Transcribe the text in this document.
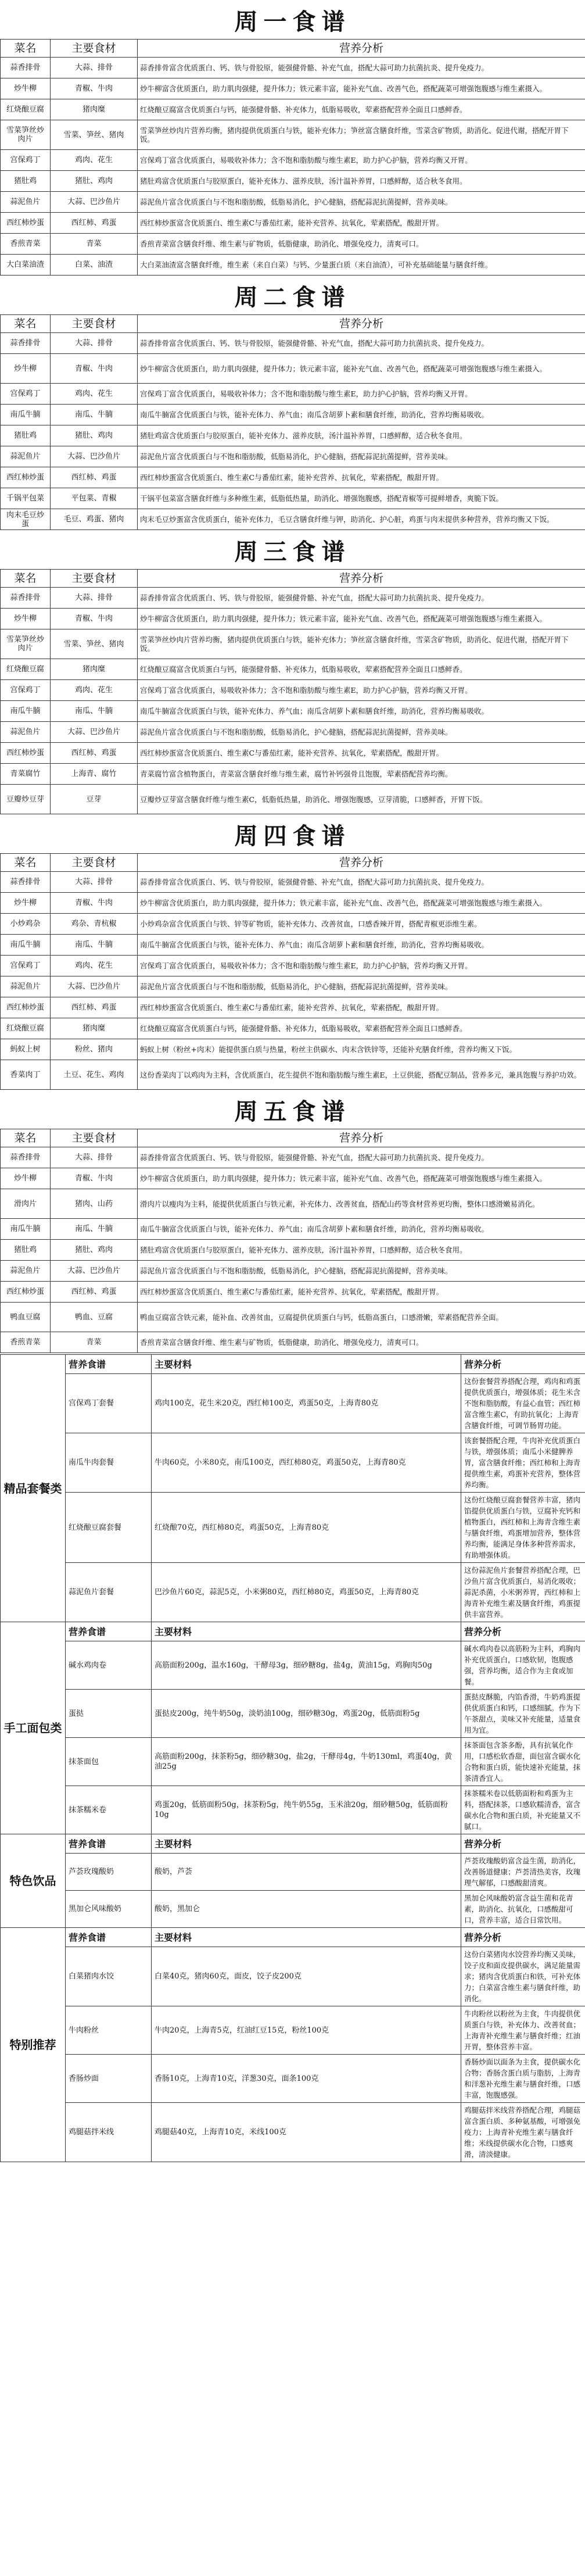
周一食谱
菜名	主要食材	营养分析
蒜香排骨	大蒜、排骨	蒜香排骨富含优质蛋白、钙、铁与骨胶原，能强健骨骼、补充气血，搭配大蒜可助力抗菌抗炎、提升免疫力。
炒牛柳	青椒、牛肉	炒牛柳富含优质蛋白，助力肌肉强健，提升体力；铁元素丰富，能补充气血、改善气色，搭配蔬菜可增强饱腹感与维生素摄入。
红烧酿豆腐	猪肉糜	红烧酿豆腐富含优质蛋白与钙，能强健骨骼、补充体力，低脂易吸收，荤素搭配营养全面且口感鲜香。
雪菜笋丝炒肉片	雪菜、笋丝、猪肉	雪菜笋丝炒肉片营养均衡，猪肉提供优质蛋白与铁，能补充体力；笋丝富含膳食纤维，雪菜含矿物质，助消化、促进代谢，搭配开胃下饭。
宫保鸡丁	鸡肉、花生	宫保鸡丁富含优质蛋白，易吸收补体力；含不饱和脂肪酸与维生素E，助力护心护脑，营养均衡又开胃。
猪肚鸡	猪肚、鸡肉	猪肚鸡富含优质蛋白与胶原蛋白，能补充体力、滋养皮肤，汤汁温补养胃，口感鲜醇，适合秋冬食用。
蒜泥鱼片	大蒜、巴沙鱼片	蒜泥鱼片富含优质蛋白与不饱和脂肪酸，低脂易消化，护心健脑，搭配蒜泥抗菌提鲜，营养美味。
西红柿炒蛋	西红柿、鸡蛋	西红柿炒蛋富含优质蛋白、维生素C与番茄红素，能补充营养、抗氧化，荤素搭配，酸甜开胃。
香煎青菜	青菜	香煎青菜富含膳食纤维、维生素与矿物质，低脂健康，助消化、增强免疫力，清爽可口。
大白菜油渣	白菜、油渣	大白菜油渣富含膳食纤维，维生素（来自白菜）与钙、少量蛋白质（来自油渣），可补充基础能量与膳食纤维。
周二食谱
菜名	主要食材	营养分析
蒜香排骨	大蒜、排骨	蒜香排骨富含优质蛋白、钙、铁与骨胶原，能强健骨骼、补充气血，搭配大蒜可助力抗菌抗炎、提升免疫力。
炒牛柳	青椒、牛肉	炒牛柳富含优质蛋白，助力肌肉强健，提升体力；铁元素丰富，能补充气血、改善气色，搭配蔬菜可增强饱腹感与维生素摄入。
宫保鸡丁	鸡肉、花生	宫保鸡丁富含优质蛋白，易吸收补体力；含不饱和脂肪酸与维生素E，助力护心护脑，营养均衡又开胃。
南瓜牛腩	南瓜、牛腩	南瓜牛腩富含优质蛋白与铁，能补充体力、养气血；南瓜含胡萝卜素和膳食纤维，助消化，营养均衡易吸收。
猪肚鸡	猪肚、鸡肉	猪肚鸡富含优质蛋白与胶原蛋白，能补充体力、滋养皮肤，汤汁温补养胃，口感鲜醇，适合秋冬食用。
蒜泥鱼片	大蒜、巴沙鱼片	蒜泥鱼片富含优质蛋白与不饱和脂肪酸，低脂易消化，护心健脑，搭配蒜泥抗菌提鲜，营养美味。
西红柿炒蛋	西红柿、鸡蛋	西红柿炒蛋富含优质蛋白、维生素C与番茄红素，能补充营养、抗氧化，荤素搭配，酸甜开胃。
千锅平包菜	平包菜、青椒	干锅平包菜富含膳食纤维与多种维生素，低脂低热量，助消化、增强饱腹感，搭配青椒等可提鲜增香，爽脆下饭。
肉末毛豆炒蛋	毛豆、鸡蛋、猪肉	肉末毛豆炒蛋富含优质蛋白，能补充体力，毛豆含膳食纤维与钾，助消化、护心脏，鸡蛋与肉末提供多种营养，营养均衡又下饭。
周三食谱
菜名	主要食材	营养分析
蒜香排骨	大蒜、排骨	蒜香排骨富含优质蛋白、钙、铁与骨胶原，能强健骨骼、补充气血，搭配大蒜可助力抗菌抗炎、提升免疫力。
炒牛柳	青椒、牛肉	炒牛柳富含优质蛋白，助力肌肉强健，提升体力；铁元素丰富，能补充气血、改善气色，搭配蔬菜可增强饱腹感与维生素摄入。
雪菜笋丝炒肉片	雪菜、笋丝、猪肉	雪菜笋丝炒肉片营养均衡，猪肉提供优质蛋白与铁，能补充体力；笋丝富含膳食纤维，雪菜含矿物质，助消化、促进代谢，搭配开胃下饭。
红烧酿豆腐	猪肉糜	红烧酿豆腐富含优质蛋白与钙，能强健骨骼、补充体力，低脂易吸收，荤素搭配营养全面且口感鲜香。
宫保鸡丁	鸡肉、花生	宫保鸡丁富含优质蛋白，易吸收补体力；含不饱和脂肪酸与维生素E，助力护心护脑，营养均衡又开胃。
南瓜牛腩	南瓜、牛腩	南瓜牛腩富含优质蛋白与铁，能补充体力、养气血；南瓜含胡萝卜素和膳食纤维，助消化，营养均衡易吸收。
蒜泥鱼片	大蒜、巴沙鱼片	蒜泥鱼片富含优质蛋白与不饱和脂肪酸，低脂易消化，护心健脑，搭配蒜泥抗菌提鲜，营养美味。
西红柿炒蛋	西红柿、鸡蛋	西红柿炒蛋富含优质蛋白、维生素C与番茄红素，能补充营养、抗氧化，荤素搭配，酸甜开胃。
青菜腐竹	上海青、腐竹	青菜腐竹富含植物蛋白，青菜富含膳食纤维与维生素，腐竹补钙强骨且饱腹，荤素搭配营养均衡。
豆瓣炒豆芽	豆芽	豆瓣炒豆芽富含膳食纤维与维生素C，低脂低热量，助消化、增强饱腹感，豆芽清脆，口感鲜香，开胃下饭。
周四食谱
菜名	主要食材	营养分析
蒜香排骨	大蒜、排骨	蒜香排骨富含优质蛋白、钙、铁与骨胶原，能强健骨骼、补充气血，搭配大蒜可助力抗菌抗炎、提升免疫力。
炒牛柳	青椒、牛肉	炒牛柳富含优质蛋白，助力肌肉强健，提升体力；铁元素丰富，能补充气血、改善气色，搭配蔬菜可增强饱腹感与维生素摄入。
小炒鸡杂	鸡杂、青杭椒	小炒鸡杂富含优质蛋白与铁、锌等矿物质，能补充体力、改善贫血，口感香辣开胃，搭配青椒更添维生素。
南瓜牛腩	南瓜、牛腩	南瓜牛腩富含优质蛋白与铁，能补充体力、养气血；南瓜含胡萝卜素和膳食纤维，助消化，营养均衡易吸收。
宫保鸡丁	鸡肉、花生	宫保鸡丁富含优质蛋白，易吸收补体力；含不饱和脂肪酸与维生素E，助力护心护脑，营养均衡又开胃。
蒜泥鱼片	大蒜、巴沙鱼片	蒜泥鱼片富含优质蛋白与不饱和脂肪酸，低脂易消化，护心健脑，搭配蒜泥抗菌提鲜，营养美味。
西红柿炒蛋	西红柿、鸡蛋	西红柿炒蛋富含优质蛋白、维生素C与番茄红素，能补充营养、抗氧化，荤素搭配，酸甜开胃。
红烧酿豆腐	猪肉糜	红烧酿豆腐富含优质蛋白与钙，能强健骨骼、补充体力，低脂易吸收，荤素搭配营养全面且口感鲜香。
蚂蚁上树	粉丝、猪肉	蚂蚁上树（粉丝+肉末）能提供蛋白质与热量，粉丝主供碳水、肉末含铁锌等，还能补充膳食纤维，营养均衡又下饭。
香菜肉丁	土豆、花生、鸡肉	这份香菜肉丁以鸡肉为主料，含优质蛋白，花生提供不饱和脂肪酸与维生素E，土豆供能，搭配豆制品，营养多元，兼具饱腹与养护功效。
周五食谱
菜名	主要食材	营养分析
蒜香排骨	大蒜、排骨	蒜香排骨富含优质蛋白、钙、铁与骨胶原，能强健骨骼、补充气血，搭配大蒜可助力抗菌抗炎、提升免疫力。
炒牛柳	青椒、牛肉	炒牛柳富含优质蛋白，助力肌肉强健，提升体力；铁元素丰富，能补充气血、改善气色，搭配蔬菜可增强饱腹感与维生素摄入。
滑肉片	猪肉、山药	滑肉片以瘦肉为主料，能提供优质蛋白与铁元素，补充体力、改善贫血，搭配山药等食材营养更均衡，整体口感滑嫩易消化。
南瓜牛腩	南瓜、牛腩	南瓜牛腩富含优质蛋白与铁，能补充体力、养气血；南瓜含胡萝卜素和膳食纤维，助消化，营养均衡易吸收。
猪肚鸡	猪肚、鸡肉	猪肚鸡富含优质蛋白与胶原蛋白，能补充体力、滋养皮肤，汤汁温补养胃，口感鲜醇，适合秋冬食用。
蒜泥鱼片	大蒜、巴沙鱼片	蒜泥鱼片富含优质蛋白与不饱和脂肪酸，低脂易消化，护心健脑，搭配蒜泥抗菌提鲜，营养美味。
西红柿炒蛋	西红柿、鸡蛋	西红柿炒蛋富含优质蛋白、维生素C与番茄红素，能补充营养、抗氧化，荤素搭配，酸甜开胃。
鸭血豆腐	鸭血、豆腐	鸭血豆腐富含铁元素，能补血、改善贫血，豆腐提供优质蛋白与钙，低脂高蛋白，口感滑嫩，荤素搭配营养全面。
香煎青菜	青菜	香煎青菜富含膳食纤维、维生素与矿物质，低脂健康，助消化、增强免疫力，清爽可口。
精品套餐类	营养食谱	主要材料	营养分析
	宫保鸡丁套餐	鸡肉100克，花生米20克，西红柿100克，鸡蛋50克，上海青80克	这份套餐营养搭配合理，鸡肉和鸡蛋提供优质蛋白，增强体质；花生米含不饱和脂肪酸，有益心血管；西红柿富含维生素C，有助抗氧化；上海青含膳食纤维，可调节肠胃功能。
	南瓜牛肉套餐	牛肉60克，小米80克，南瓜100克，西红柿80克，鸡蛋50克，上海青80克	该套餐搭配合理，牛肉补充优质蛋白与铁，增强体质；南瓜小米健脾养胃，富含膳食纤维；西红柿和上海青提供维生素，鸡蛋补充营养，整体营养均衡。
	红烧酿豆腐套餐	红烧酿70克，西红柿80克，鸡蛋50克，上海青80克	这份红烧酿豆腐套餐营养丰富，猪肉馅提供优质蛋白与铁，豆腐补充钙和植物蛋白，西红柿和上海青含维生素与膳食纤维，鸡蛋增加营养，整体营养均衡，能满足身体多种营养需求，有助增强体质。
	蒜泥鱼片套餐	巴沙鱼片60克，蒜泥5克，小米粥80克，西红柿80克，鸡蛋50克，上海青80克	这份蒜泥鱼片套餐营养搭配合理，巴沙鱼片富含优质蛋白，易消化吸收；蒜泥杀菌，小米粥养胃，西红柿和上海青补充维生素及膳食纤维，鸡蛋提供丰富营养。
手工面包类	营养食谱	主要材料	营养分析
	碱水鸡肉卷	高筋面粉200g，温水160g，干酵母3g，细砂糖8g，盐4g，黄油15g，鸡胸肉50g	碱水鸡肉卷以高筋粉为主料，鸡胸肉补充优质蛋白，口感软韧，饱腹感强，营养均衡，适合作为主食或加餐。
	蛋挞	蛋挞皮200g，纯牛奶50g，淡奶油100g，细砂糖30g，鸡蛋20g，低筋面粉5g	蛋挞皮酥脆，内馅香滑，牛奶鸡蛋提供优质蛋白和钙，口感细腻。作为下午茶甜点，美味又补充能量，适量食用为宜。
	抹茶面包	高筋面粉200g，抹茶粉5g，细砂糖30g，盐2g，干酵母4g，牛奶130ml，鸡蛋40g，黄油25g	抹茶面包含茶多酚，具有抗氧化作用，口感松软香甜，面包富含碳水化合物和蛋白质，能快速补充能量，抹茶清香宜人。
	抹茶糯米卷	鸡蛋20g，低筋面粉50g，抹茶粉5g，纯牛奶55g，玉米油20g，细砂糖50g，低筋面粉10g	抹茶糯米卷以低筋面粉和鸡蛋为主料，搭配抹茶，口感软糯清香，富含碳水化合物和蛋白质，补充能量又不腻口。
特色饮品	营养食谱	主要材料	营养分析
	芦荟玫瑰酸奶	酸奶，芦荟	芦荟玫瑰酸奶富含益生菌，助消化，改善肠道健康；芦荟清热美容，玫瑰理气解郁，口感酸甜清爽。
	黑加仑风味酸奶	酸奶，黑加仑	黑加仑风味酸奶富含益生菌和花青素，助消化、抗氧化，口感酸甜可口，营养丰富，适合日常饮用。
特别推荐	营养食谱	主要材料	营养分析
	白菜猪肉水饺	白菜40克，猪肉60克，面皮，饺子皮200克	这份白菜猪肉水饺营养均衡又美味，饺子皮和面皮提供碳水，满足能量需求；猪肉含优质蛋白和铁，可补充体力；白菜富含维生素与膳食纤维，助消化。
	牛肉粉丝	牛肉20克，上海青5克，红油红豆15克，粉丝100克	牛肉粉丝以粉丝为主食，牛肉提供优质蛋白与铁，补充体力、改善贫血；上海青补充维生素与膳食纤维；红油开胃，整体营养丰富。
	香肠炒面	香肠10克，上海青10克，洋葱30克，面条100克	香肠炒面以面条为主食，提供碳水化合物；香肠含蛋白质与脂肪，上海青和洋葱补充维生素与膳食纤维，口感丰富，饱腹感强。
	鸡腿菇拌米线	鸡腿菇40克，上海青10克，米线100克	鸡腿菇拌米线营养搭配合理，鸡腿菇富含蛋白质、多种氨基酸，可增强免疫力；上海青补充维生素与膳食纤维；米线提供碳水化合物，口感爽滑，清淡健康。
